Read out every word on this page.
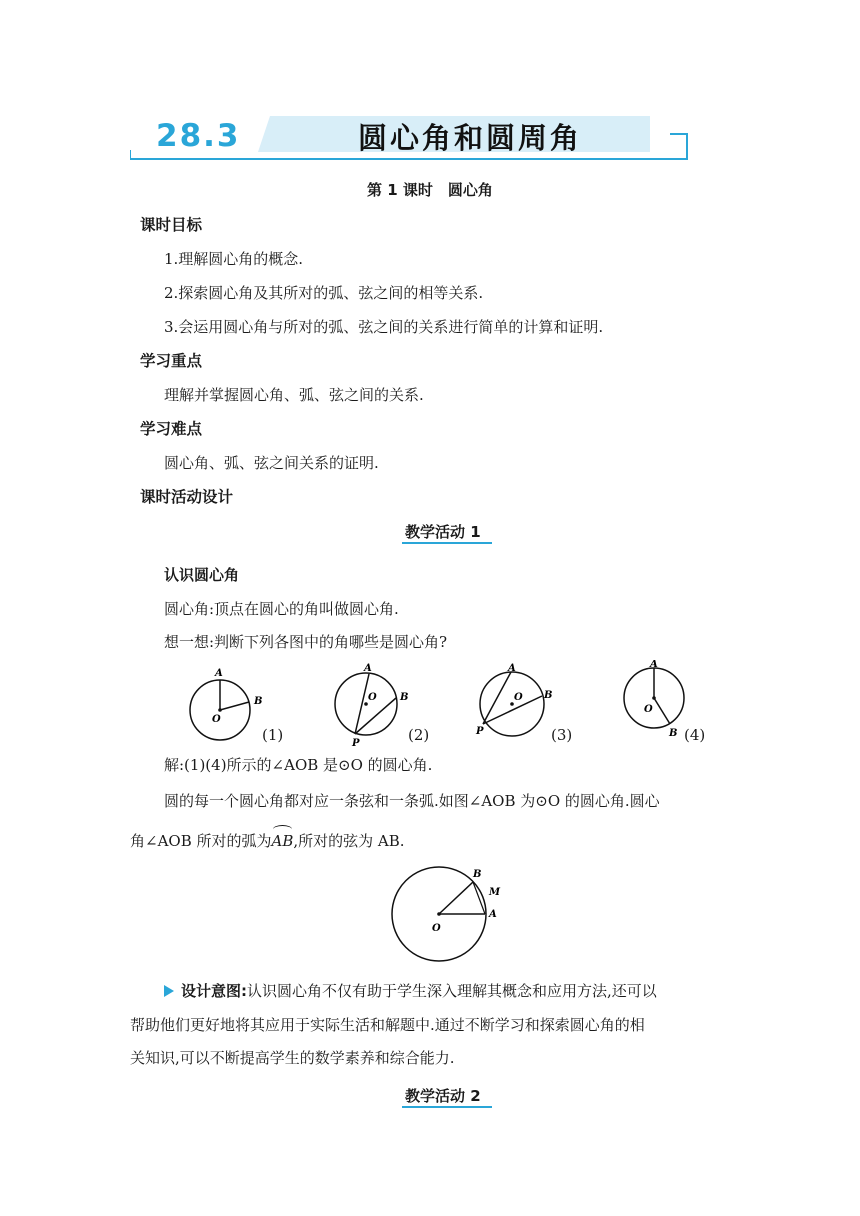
28.3	圆心角和圆周角
第 1 课时　圆心角
课时目标
1.理解圆心角的概念.
2.探索圆心角及其所对的弧、弦之间的相等关系.
3.会运用圆心角与所对的弧、弦之间的关系进行简单的计算和证明.
学习重点
理解并掌握圆心角、弧、弦之间的关系.
学习难点
圆心角、弧、弦之间关系的证明.
课时活动设计
教学活动 1
认识圆心角
圆心角:顶点在圆心的角叫做圆心角.
想一想:判断下列各图中的角哪些是圆心角?
A
B
O
A
O B
P
A
O B
P
A
O
B
(1)	(2)	(3)	(4)
解:(1)(4)所示的∠AOB 是⊙O 的圆心角.
圆的每一个圆心角都对应一条弦和一条弧.如图∠AOB 为⊙O 的圆心角.圆心
角∠AOB 所对的弧为
AB,所对的弦为 AB.
B
M
A
O
设计意图:认识圆心角不仅有助于学生深入理解其概念和应用方法,还可以
帮助他们更好地将其应用于实际生活和解题中.通过不断学习和探索圆心角的相
关知识,可以不断提高学生的数学素养和综合能力.
教学活动 2
